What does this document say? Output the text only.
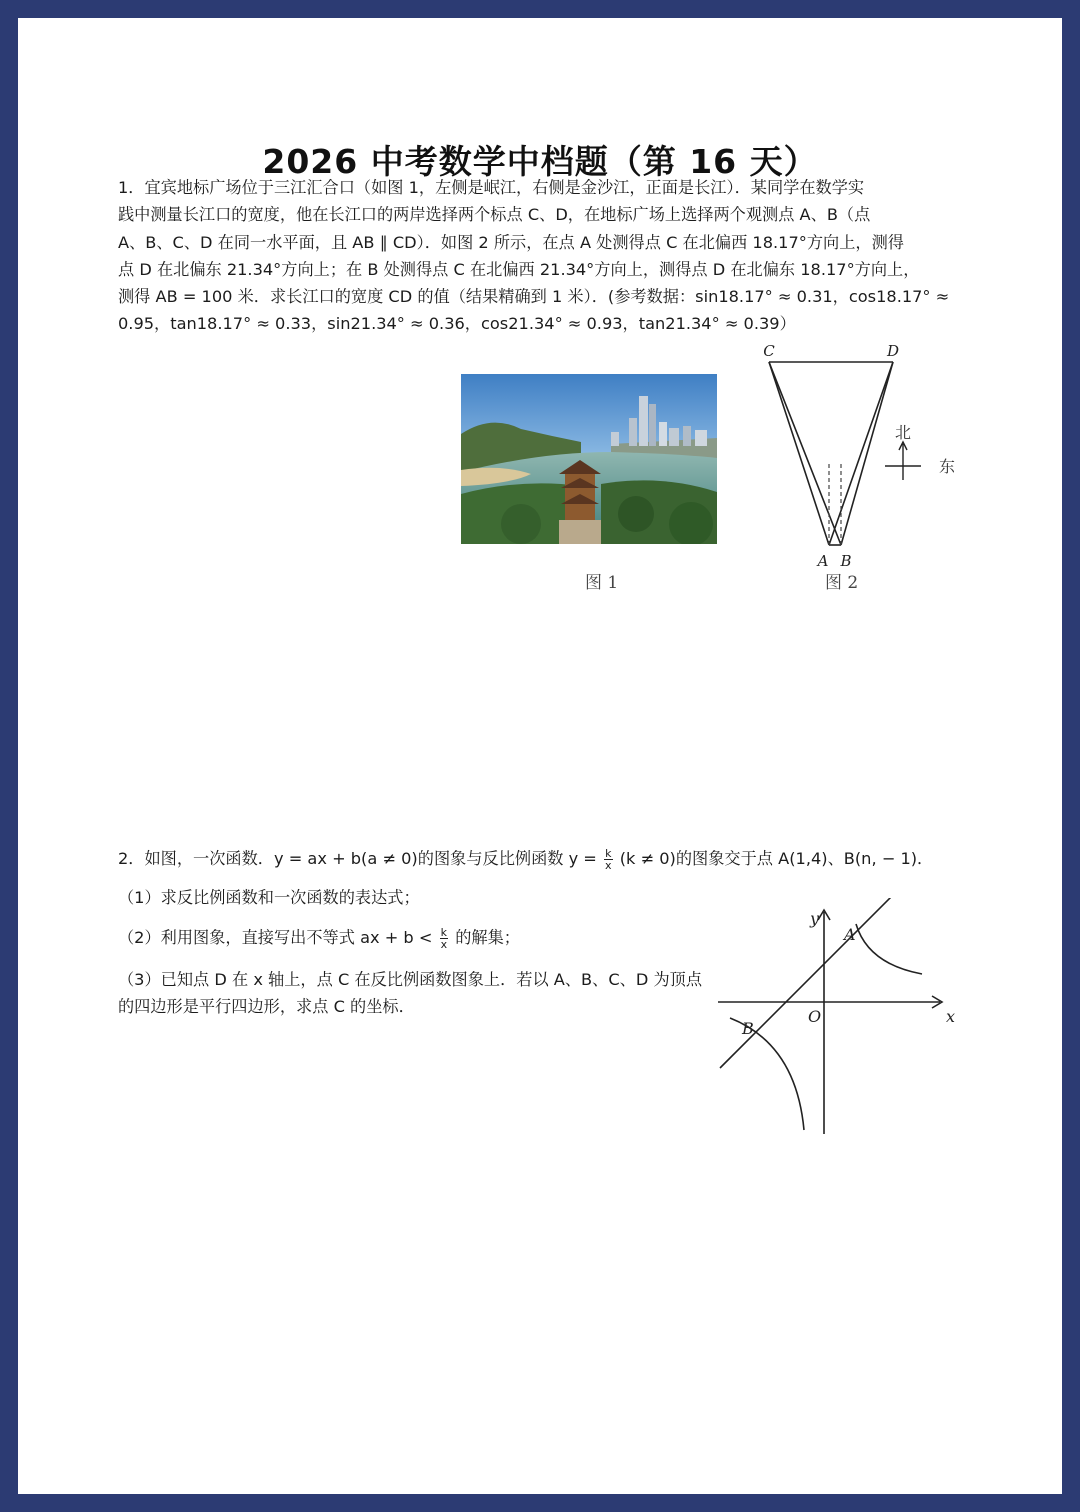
2026 中考数学中档题（第 16 天）
1．宜宾地标广场位于三江汇合口（如图 1，左侧是岷江，右侧是金沙江，正面是长江）．某同学在数学实
践中测量长江口的宽度，他在长江口的两岸选择两个标点 C、D，在地标广场上选择两个观测点 A、B（点
A、B、C、D 在同一水平面，且 AB ∥ CD）．如图 2 所示，在点 A 处测得点 C 在北偏西 18.17°方向上，测得
点 D 在北偏东 21.34°方向上；在 B 处测得点 C 在北偏西 21.34°方向上，测得点 D 在北偏东 18.17°方向上，
测得 AB = 100 米．求长江口的宽度 CD 的值（结果精确到 1 米）．(参考数据：sin18.17° ≈ 0.31，cos18.17° ≈
0.95，tan18.17° ≈ 0.33，sin21.34° ≈ 0.36，cos21.34° ≈ 0.93，tan21.34° ≈ 0.39）
图 1
C	D
A B
北
东
图 2
2．如图，一次函数．y = ax + b(a ≠ 0)的图象与反比例函数 $y = \frac{k}{x} (k \ne 0)$的图象交于点 A(1,4)、B(n, − 1)．
（1）求反比例函数和一次函数的表达式；
（2）利用图象，直接写出不等式 ax + $b < \frac{k}{x}$ 的解集；
（3）已知点 D 在 x 轴上，点 C 在反比例函数图象上．若以 A、B、C、D 为顶点的四边形是平行四边形，求点 C 的坐标．
y
x
O
A
B
